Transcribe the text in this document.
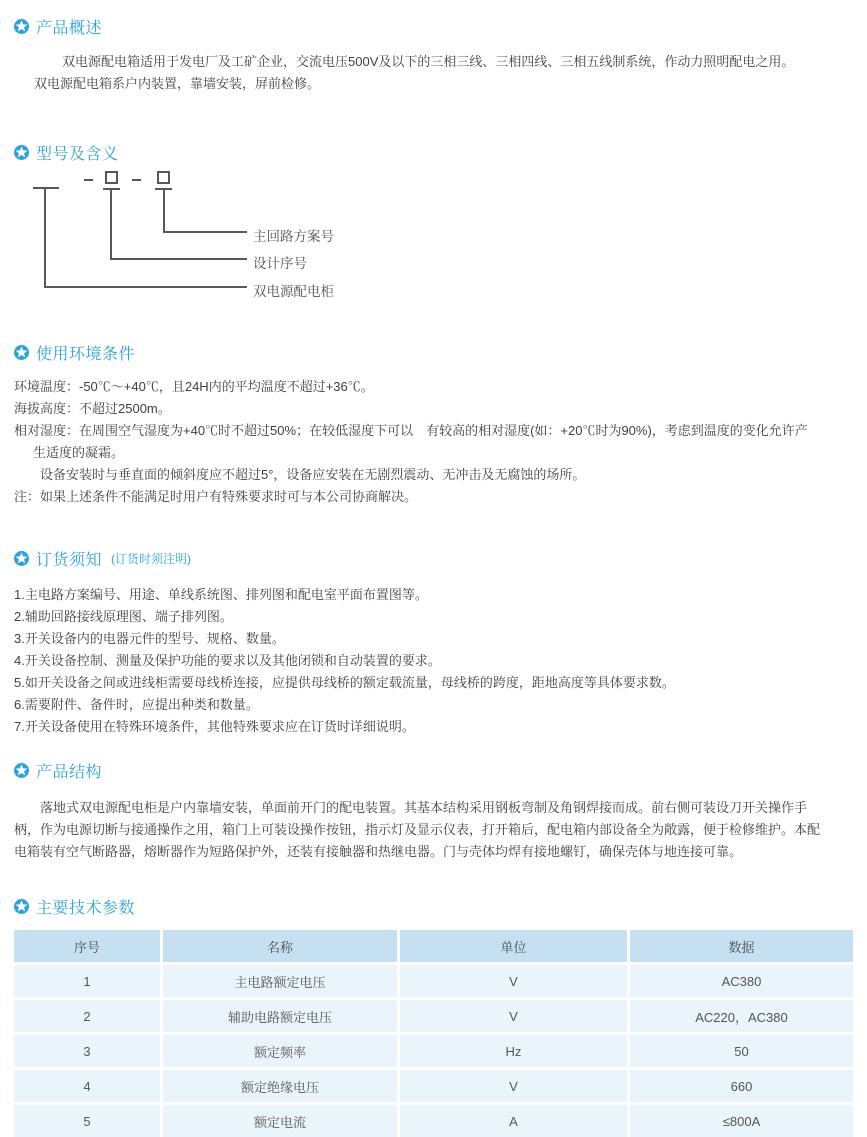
产品概述
双电源配电箱适用于发电厂及工矿企业，交流电压500V及以下的三相三线、三相四线、三相五线制系统，作动力照明配电之用。
双电源配电箱系户内装置，靠墙安装，屏前检修。
型号及含义
主回路方案号
设计序号
双电源配电柜
使用环境条件
环境温度：-50℃～+40℃，且24H内的平均温度不超过+36℃。
海拔高度：不超过2500m。
相对湿度：在周围空气湿度为+40℃时不超过50%；在较低湿度下可以　有较高的相对湿度(如：+20℃时为90%)，考虑到温度的变化允许产
生适度的凝霜。
设备安装时与垂直面的倾斜度应不超过5°，设备应安装在无剧烈震动、无冲击及无腐蚀的场所。
注：如果上述条件不能满足时用户有特殊要求时可与本公司协商解决。
订货须知 (订货时须注明)
1.主电路方案编号、用途、单线系统图、排列图和配电室平面布置图等。
2.辅助回路接线原理图、端子排列图。
3.开关设备内的电器元件的型号、规格、数量。
4.开关设备控制、测量及保护功能的要求以及其他闭锁和自动装置的要求。
5.如开关设备之间或进线柜需要母线桥连接，应提供母线桥的额定载流量，母线桥的跨度，距地高度等具体要求数。
6.需要附件、备件时，应提出种类和数量。
7.开关设备使用在特殊环境条件，其他特殊要求应在订货时详细说明。
产品结构
落地式双电源配电柜是户内靠墙安装，单面前开门的配电装置。其基本结构采用钢板弯制及角钢焊接而成。前右侧可装设刀开关操作手
柄，作为电源切断与接通操作之用，箱门上可装设操作按钮，指示灯及显示仪表，打开箱后，配电箱内部设备全为敞露，便于检修维护。本配
电箱装有空气断路器，熔断器作为短路保护外，还装有接触器和热继电器。门与壳体均焊有接地螺钉，确保壳体与地连接可靠。
主要技术参数
序号	名称	单位	数据
1	主电路额定电压	V	AC380
2	辅助电路额定电压	V	AC220，AC380
3	额定频率	Hz	50
4	额定绝缘电压	V	660
5	额定电流	A	≤800A
